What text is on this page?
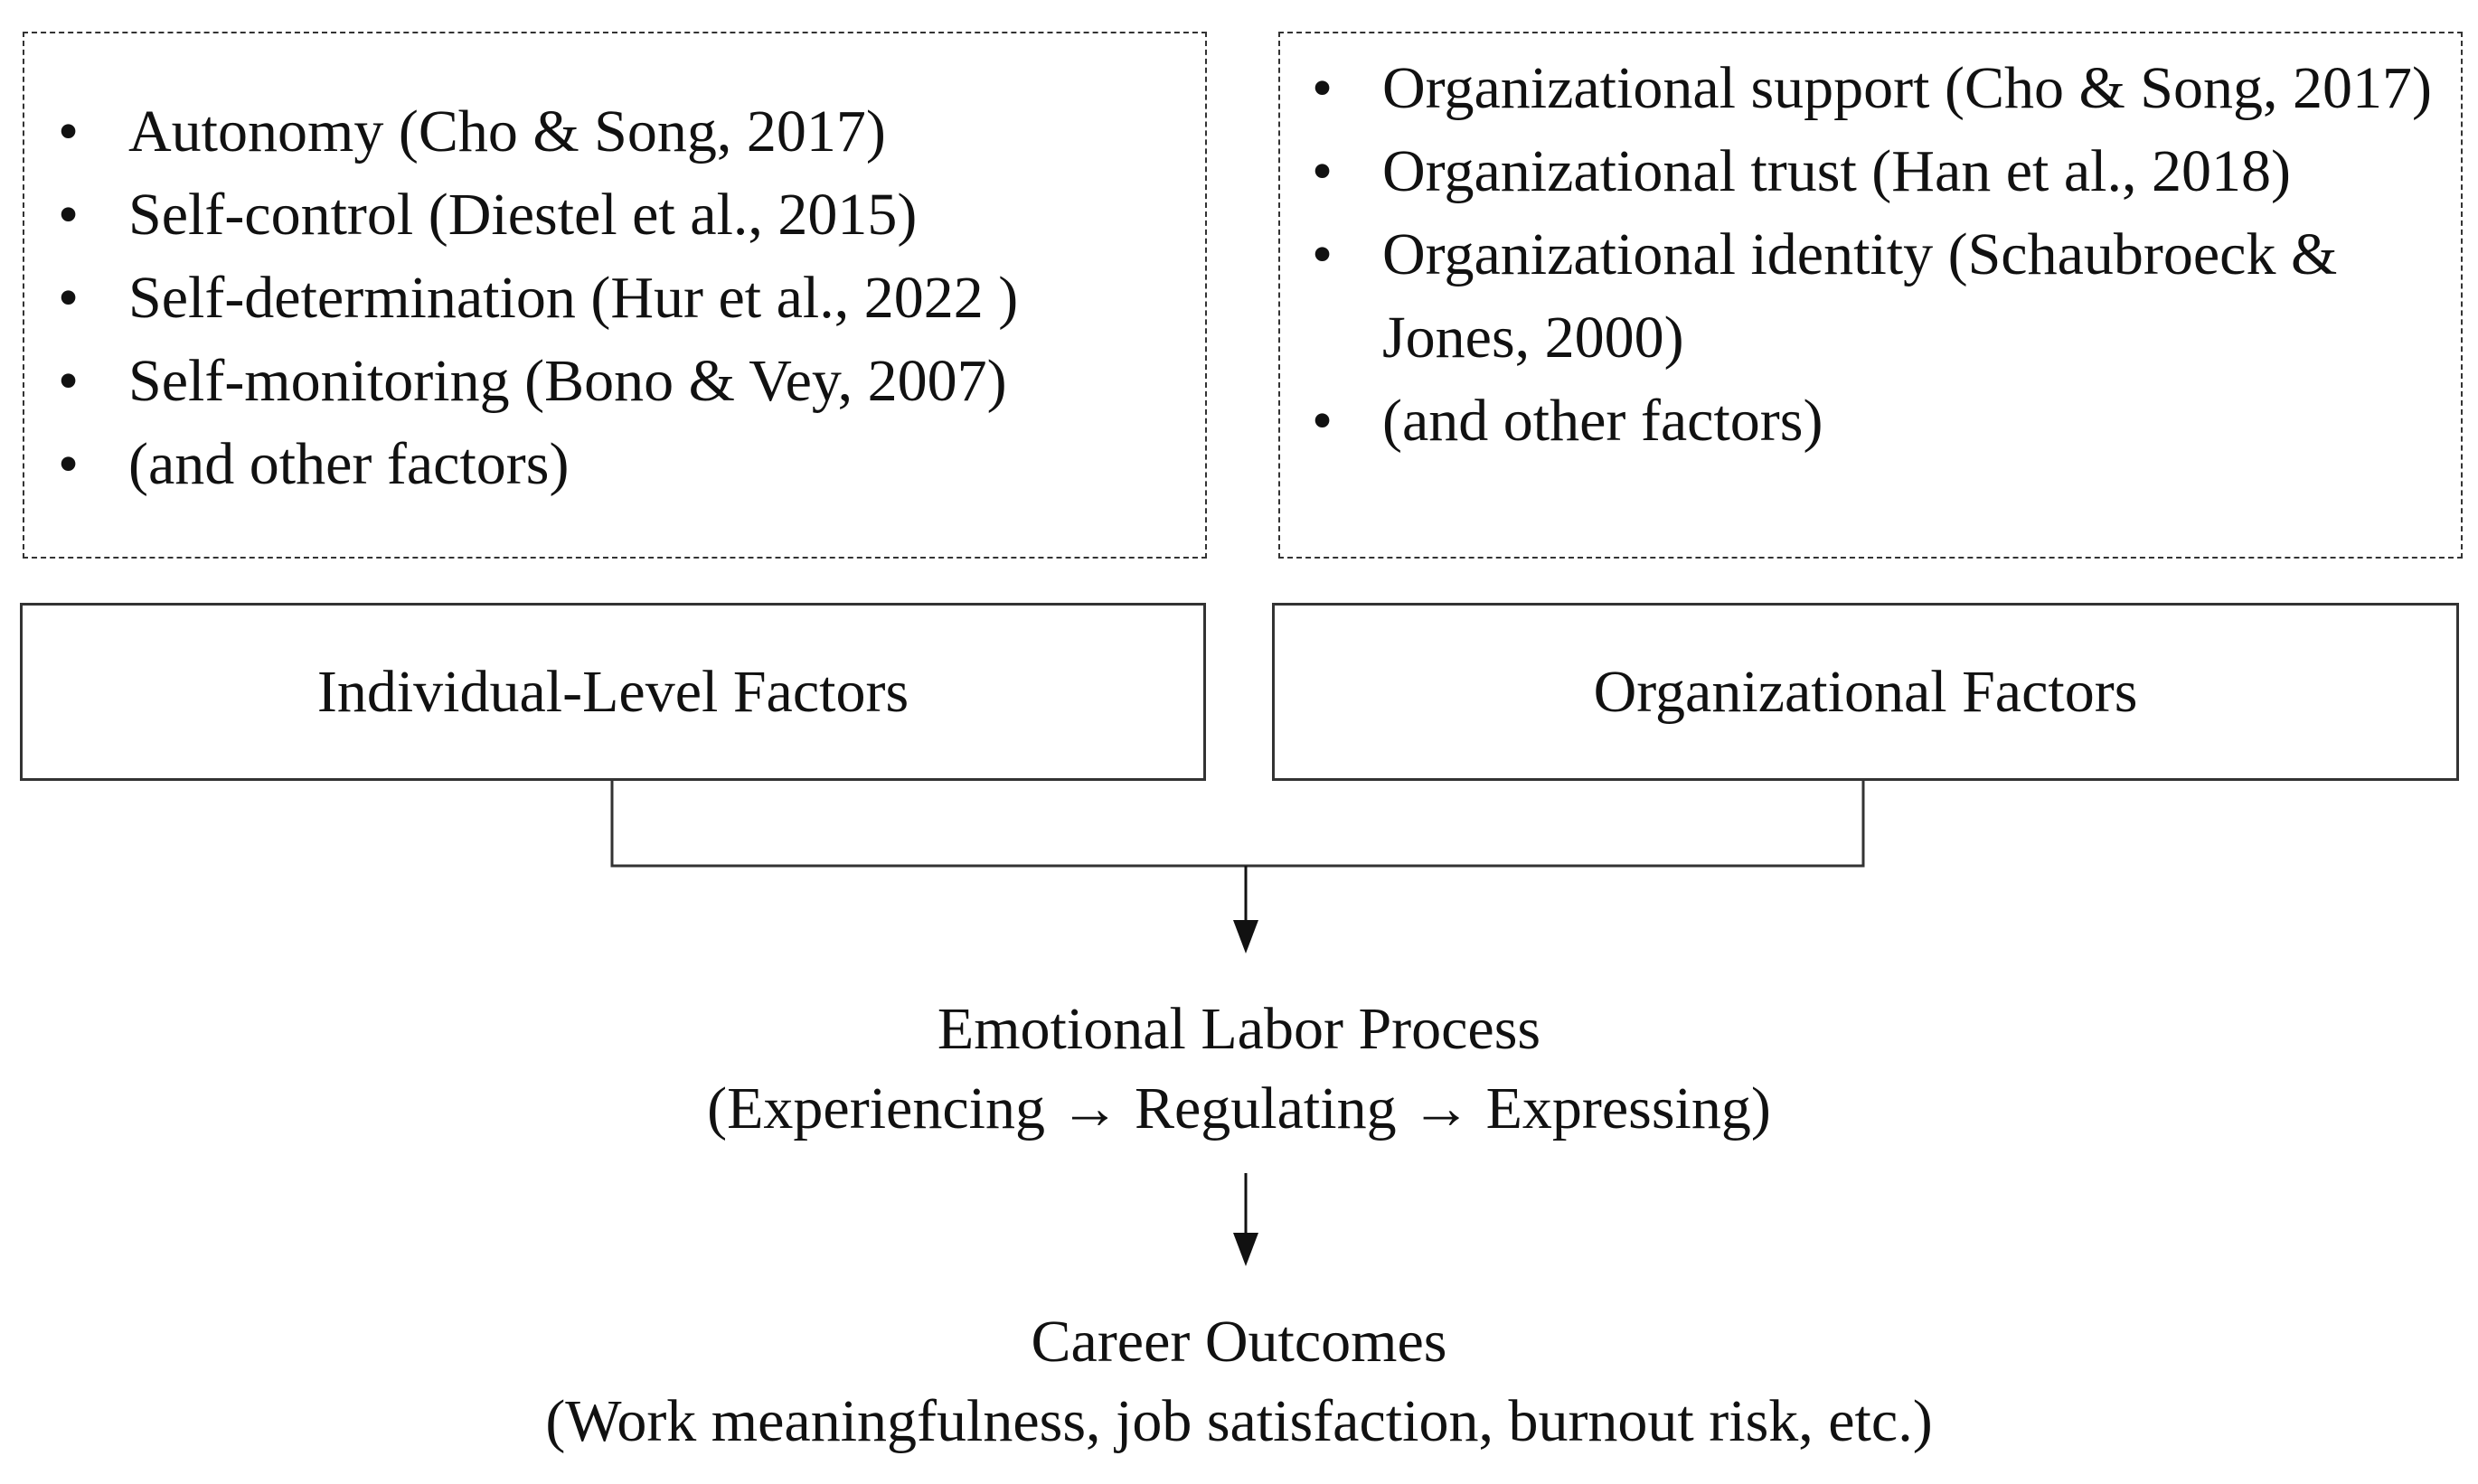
• Autonomy (Cho & Song, 2017)
• Self-control (Diestel et al., 2015)
• Self-determination (Hur et al., 2022 )
• Self-monitoring (Bono & Vey, 2007)
• (and other factors)
• Organizational support (Cho & Song, 2017)
• Organizational trust (Han et al., 2018)
• Organizational identity (Schaubroeck & Jones, 2000)
• (and other factors)
Individual-Level Factors	Organizational Factors
Emotional Labor Process
(Experiencing → Regulating → Expressing)
Career Outcomes
(Work meaningfulness, job satisfaction, burnout risk, etc.)
